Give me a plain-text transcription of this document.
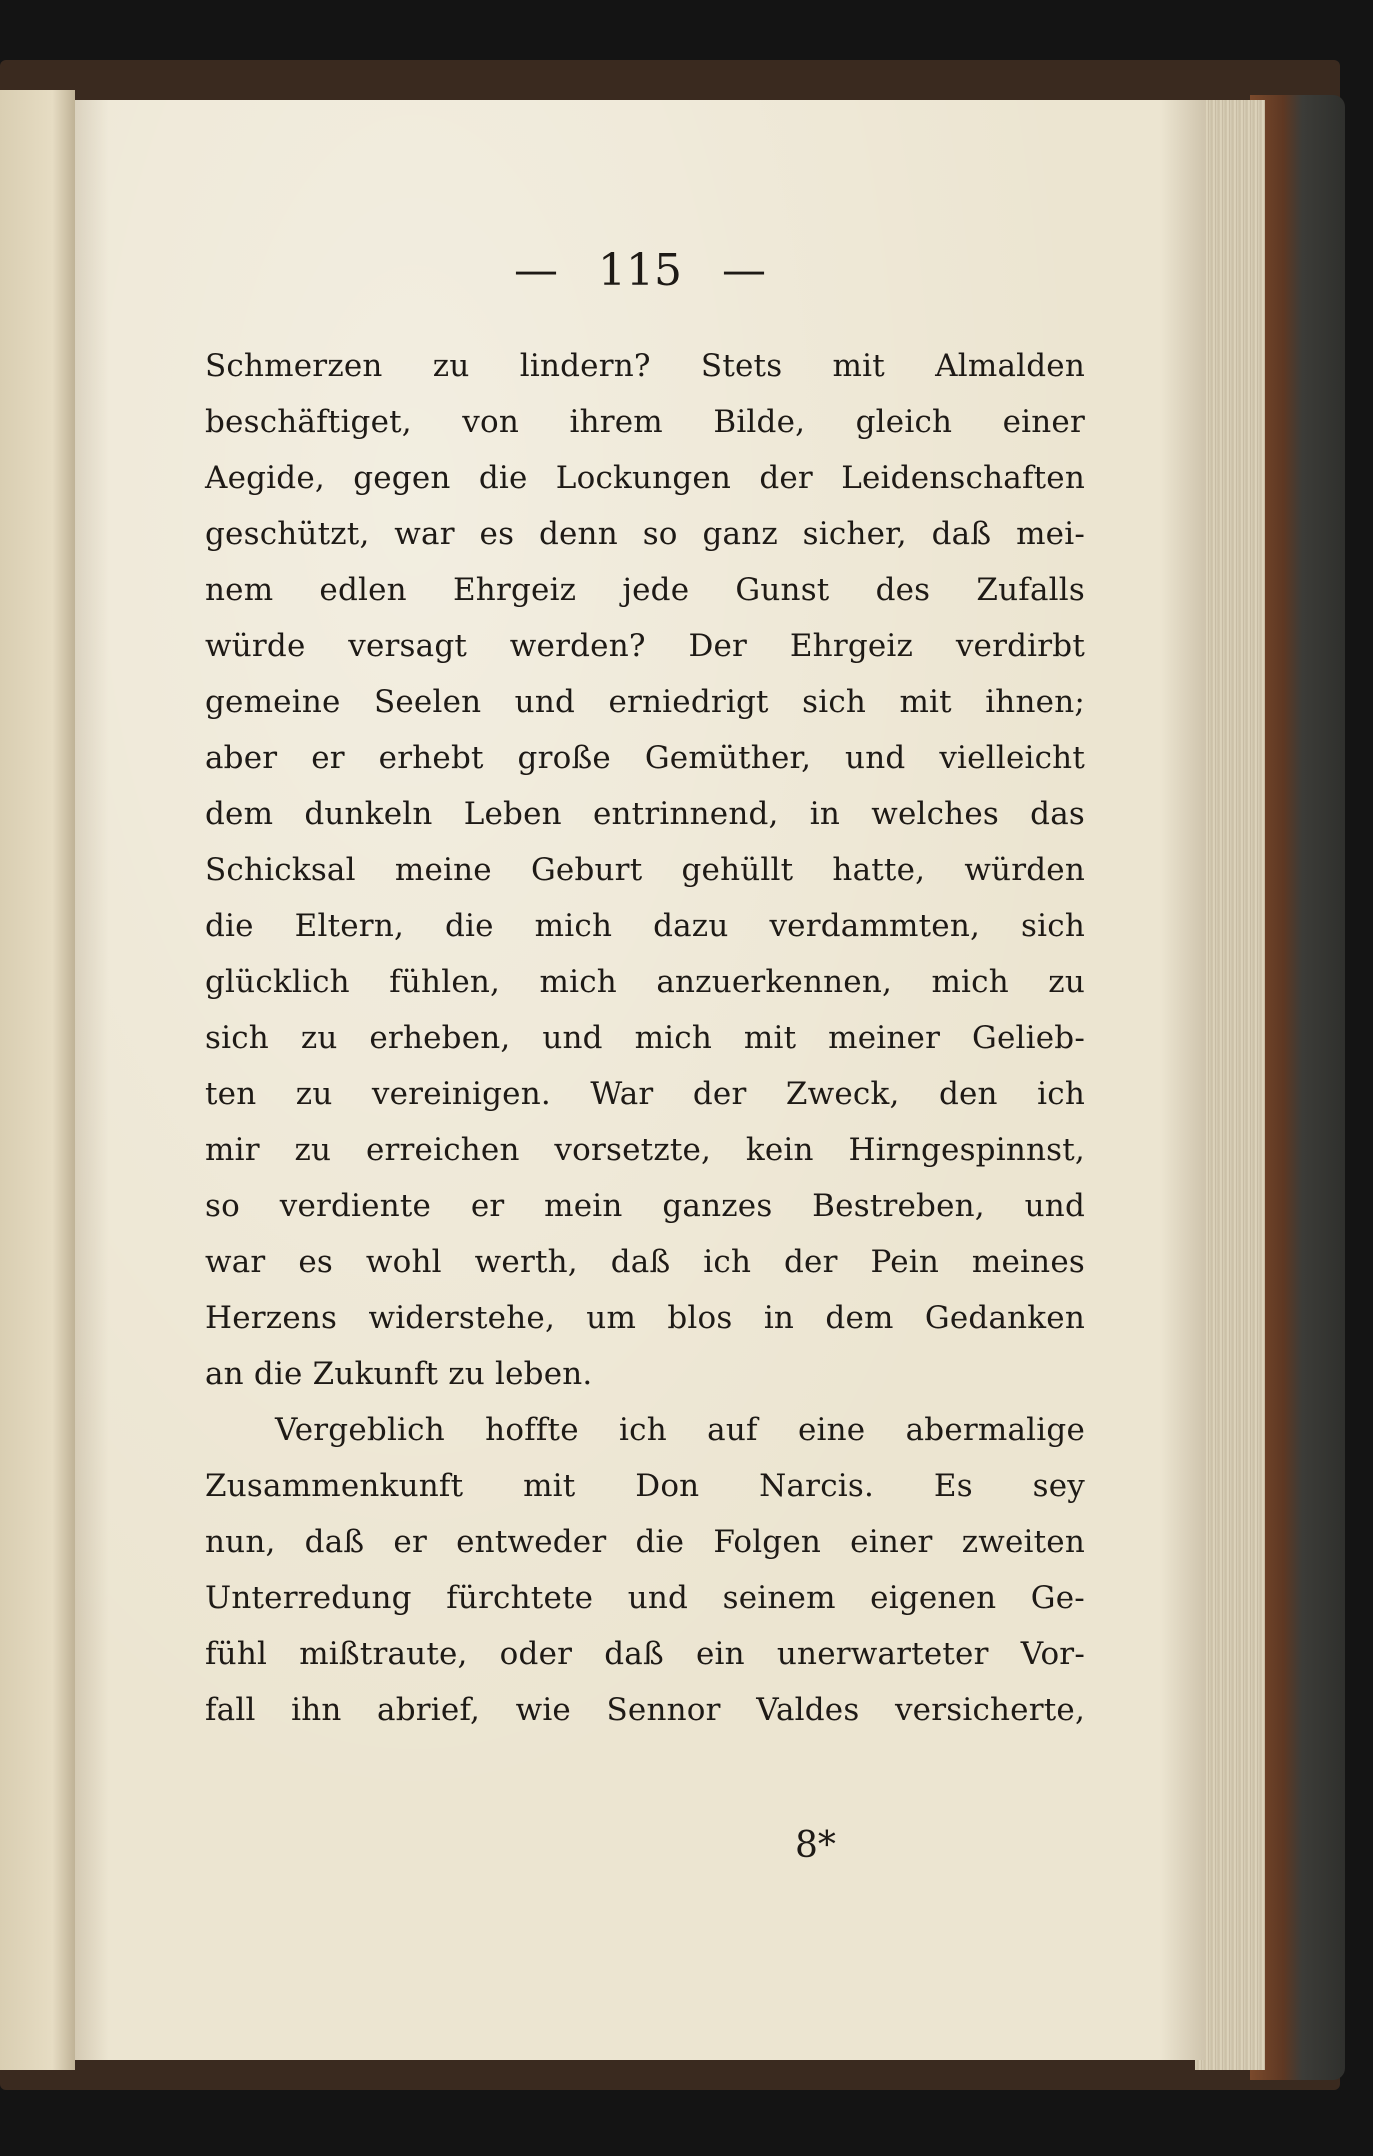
— 115 —
Schmerzen zu lindern? Stets mit Almalden
beschäftiget, von ihrem Bilde, gleich einer
Aegide, gegen die Lockungen der Leidenschaften
geschützt, war es denn so ganz sicher, daß mei-
nem edlen Ehrgeiz jede Gunst des Zufalls
würde versagt werden? Der Ehrgeiz verdirbt
gemeine Seelen und erniedrigt sich mit ihnen;
aber er erhebt große Gemüther, und vielleicht
dem dunkeln Leben entrinnend, in welches das
Schicksal meine Geburt gehüllt hatte, würden
die Eltern, die mich dazu verdammten, sich
glücklich fühlen, mich anzuerkennen, mich zu
sich zu erheben, und mich mit meiner Gelieb-
ten zu vereinigen. War der Zweck, den ich
mir zu erreichen vorsetzte, kein Hirngespinnst,
so verdiente er mein ganzes Bestreben, und
war es wohl werth, daß ich der Pein meines
Herzens widerstehe, um blos in dem Gedanken
an die Zukunft zu leben.
Vergeblich hoffte ich auf eine abermalige
Zusammenkunft mit Don Narcis. Es sey
nun, daß er entweder die Folgen einer zweiten
Unterredung fürchtete und seinem eigenen Ge-
fühl mißtraute, oder daß ein unerwarteter Vor-
fall ihn abrief, wie Sennor Valdes versicherte,
8*
